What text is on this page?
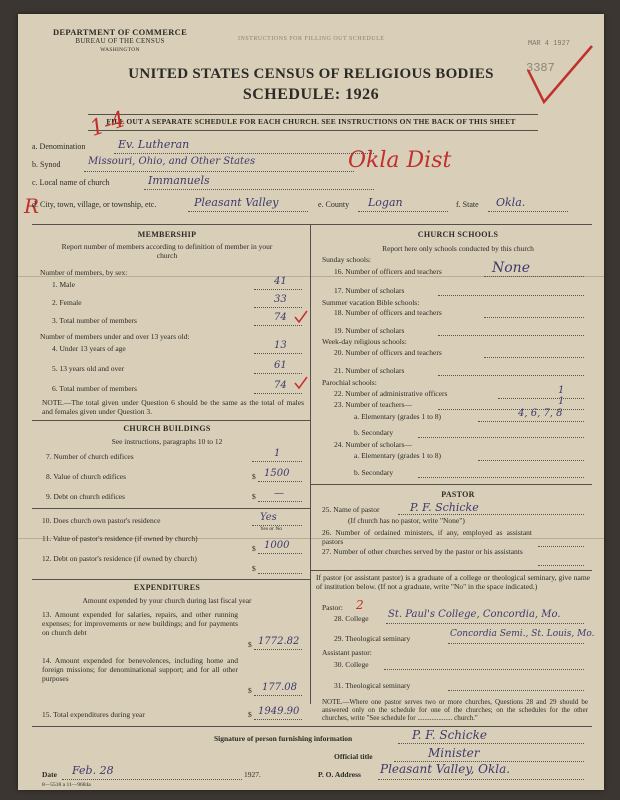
DEPARTMENT OF COMMERCE
BUREAU OF THE CENSUS
WASHINGTON
INSTRUCTIONS FOR FILLING OUT SCHEDULE
MAR 4 1927
3387
UNITED STATES CENSUS OF RELIGIOUS BODIES
SCHEDULE: 1926
FILL OUT A SEPARATE SCHEDULE FOR EACH CHURCH. SEE INSTRUCTIONS ON THE BACK OF THIS SHEET
1-4
R
Okla Dist
a. Denomination	Ev. Lutheran
b. Synod	Missouri, Ohio, and Other States
c. Local name of church	Immanuels
d. City, town, village, or township, etc.	Pleasant Valley	e. County Logan	f. State Okla.
MEMBERSHIP
Report number of members according to definition of member in your church
Number of members, by sex:
1. Male	41
2. Female	33
3. Total number of members	74
Number of members under and over 13 years old:
4. Under 13 years of age	13
5. 13 years old and over	61
6. Total number of members	74
NOTE.—The total given under Question 6 should be the same as the total of males and females given under Question 3.
CHURCH BUILDINGS
See instructions, paragraphs 10 to 12
7. Number of church edifices	1
8. Value of church edifices	$ 1500
9. Debt on church edifices	$ —
10. Does church own pastor's residence	Yes
Yes or No
11. Value of pastor's residence (if owned by church)
$ 1000
12. Debt on pastor's residence (if owned by church)
$
EXPENDITURES
Amount expended by your church during last fiscal year
13. Amount expended for salaries, repairs, and other running expenses; for improvements or new buildings; and for payments on church debt
$ 1772.82
14. Amount expended for benevolences, including home and foreign missions; for denominational support; and for all other purposes
$ 177.08
15. Total expenditures during year	$ 1949.90
CHURCH SCHOOLS
Report here only schools conducted by this church
Sunday schools:
16. Number of officers and teachers	None
17. Number of scholars
Summer vacation Bible schools:
18. Number of officers and teachers
19. Number of scholars
Week-day religious schools:
20. Number of officers and teachers
21. Number of scholars
Parochial schools:
22. Number of administrative officers	1
23. Number of teachers—	1
a. Elementary (grades 1 to 8)	4, 6, 7, 8
b. Secondary
24. Number of scholars—
a. Elementary (grades 1 to 8)
b. Secondary
PASTOR
25. Name of pastor	P. F. Schicke
(If church has no pastor, write "None")
26. Number of ordained ministers, if any, employed as assistant pastors
27. Number of other churches served by the pastor or his assistants
If pastor (or assistant pastor) is a graduate of a college or theological seminary, give name of institution below. (If not a graduate, write "No" in the space indicated.)
Pastor: 2
28. College St. Paul's College, Concordia, Mo.
29. Theological seminary	Concordia Semi., St. Louis, Mo.
Assistant pastor:
30. College
31. Theological seminary
NOTE.—Where one pastor serves two or more churches, Questions 28 and 29 should be answered only on the schedule for one of the churches; on the schedules for the other churches, write "See schedule for .................... church."
Signature of person furnishing information	P. F. Schicke
Official title	Minister
Date Feb. 28	1927.	P. O. Address Pleasant Valley, Okla.
8—5518 a 11—9684a
